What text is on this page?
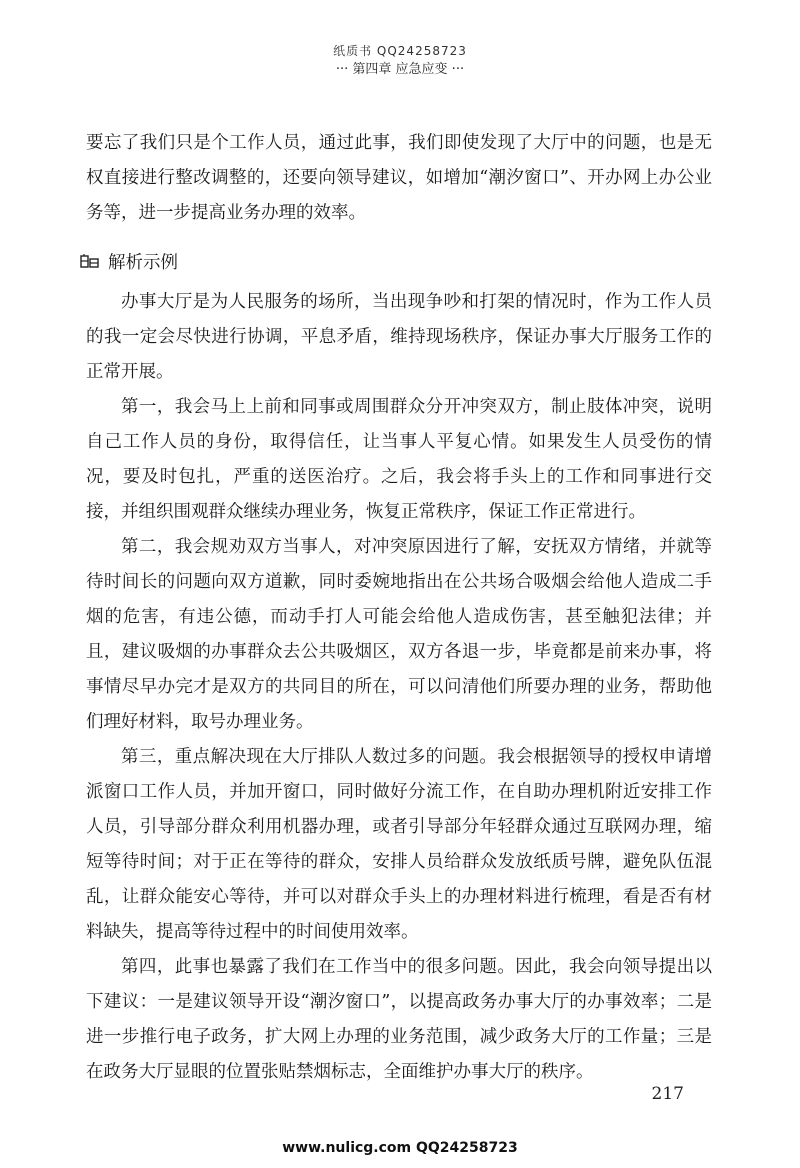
纸质书 QQ24258723
··· 第四章 应急应变 ···

要忘了我们只是个工作人员，通过此事，我们即使发现了大厅中的问题，也是无权直接进行整改调整的，还要向领导建议，如增加“潮汐窗口”、开办网上办公业务等，进一步提高业务办理的效率。

解析示例

办事大厅是为人民服务的场所，当出现争吵和打架的情况时，作为工作人员的我一定会尽快进行协调，平息矛盾，维持现场秩序，保证办事大厅服务工作的正常开展。

第一，我会马上上前和同事或周围群众分开冲突双方，制止肢体冲突，说明自己工作人员的身份，取得信任，让当事人平复心情。如果发生人员受伤的情况，要及时包扎，严重的送医治疗。之后，我会将手头上的工作和同事进行交接，并组织围观群众继续办理业务，恢复正常秩序，保证工作正常进行。

第二，我会规劝双方当事人，对冲突原因进行了解，安抚双方情绪，并就等待时间长的问题向双方道歉，同时委婉地指出在公共场合吸烟会给他人造成二手烟的危害，有违公德，而动手打人可能会给他人造成伤害，甚至触犯法律；并且，建议吸烟的办事群众去公共吸烟区，双方各退一步，毕竟都是前来办事，将事情尽早办完才是双方的共同目的所在，可以问清他们所要办理的业务，帮助他们理好材料，取号办理业务。

第三，重点解决现在大厅排队人数过多的问题。我会根据领导的授权申请增派窗口工作人员，并加开窗口，同时做好分流工作，在自助办理机附近安排工作人员，引导部分群众利用机器办理，或者引导部分年轻群众通过互联网办理，缩短等待时间；对于正在等待的群众，安排人员给群众发放纸质号牌，避免队伍混乱，让群众能安心等待，并可以对群众手头上的办理材料进行梳理，看是否有材料缺失，提高等待过程中的时间使用效率。

第四，此事也暴露了我们在工作当中的很多问题。因此，我会向领导提出以下建议：一是建议领导开设“潮汐窗口”，以提高政务办事大厅的办事效率；二是进一步推行电子政务，扩大网上办理的业务范围，减少政务大厅的工作量；三是在政务大厅显眼的位置张贴禁烟标志，全面维护办事大厅的秩序。

217
www.nulicg.com QQ24258723
